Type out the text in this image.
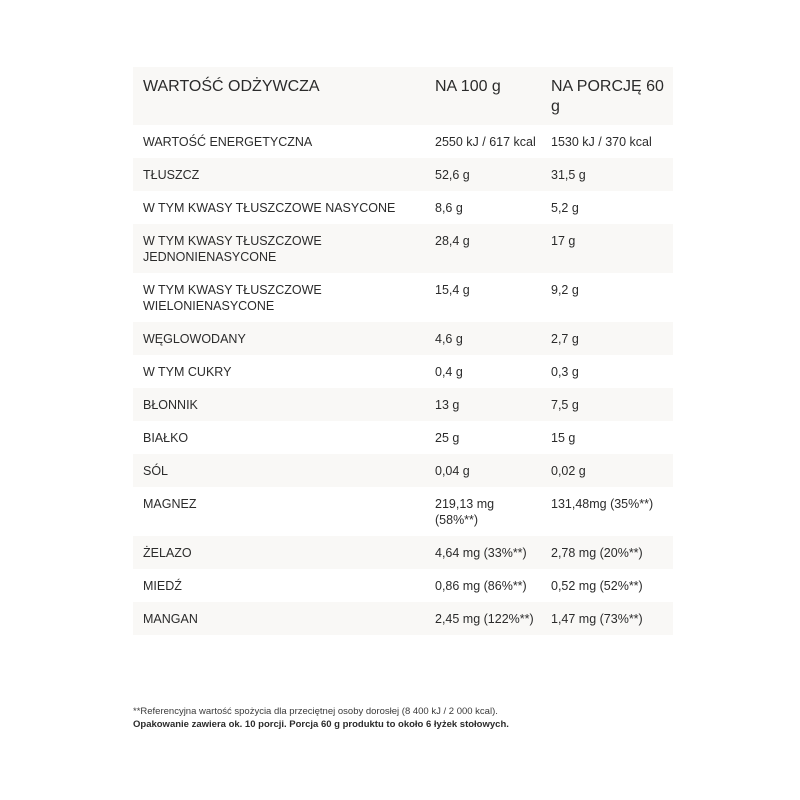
WARTOŚĆ ODŻYWCZA	NA 100 g	NA PORCJĘ 60 g
WARTOŚĆ ENERGETYCZNA	2550 kJ / 617 kcal	1530 kJ / 370 kcal
TŁUSZCZ	52,6 g	31,5 g
W TYM KWASY TŁUSZCZOWE NASYCONE	8,6 g	5,2 g
W TYM KWASY TŁUSZCZOWE JEDNONIENASYCONE	28,4 g	17 g
W TYM KWASY TŁUSZCZOWE WIELONIENASYCONE	15,4 g	9,2 g
WĘGLOWODANY	4,6 g	2,7 g
W TYM CUKRY	0,4 g	0,3 g
BŁONNIK	13 g	7,5 g
BIAŁKO	25 g	15 g
SÓL	0,04 g	0,02 g
MAGNEZ	219,13 mg (58%**)	131,48mg (35%**)
ŻELAZO	4,64 mg (33%**)	2,78 mg (20%**)
MIEDŹ	0,86 mg (86%**)	0,52 mg (52%**)
MANGAN	2,45 mg (122%**)	1,47 mg (73%**)
**Referencyjna wartość spożycia dla przeciętnej osoby dorosłej (8 400 kJ / 2 000 kcal).
Opakowanie zawiera ok. 10 porcji. Porcja 60 g produktu to około 6 łyżek stołowych.
